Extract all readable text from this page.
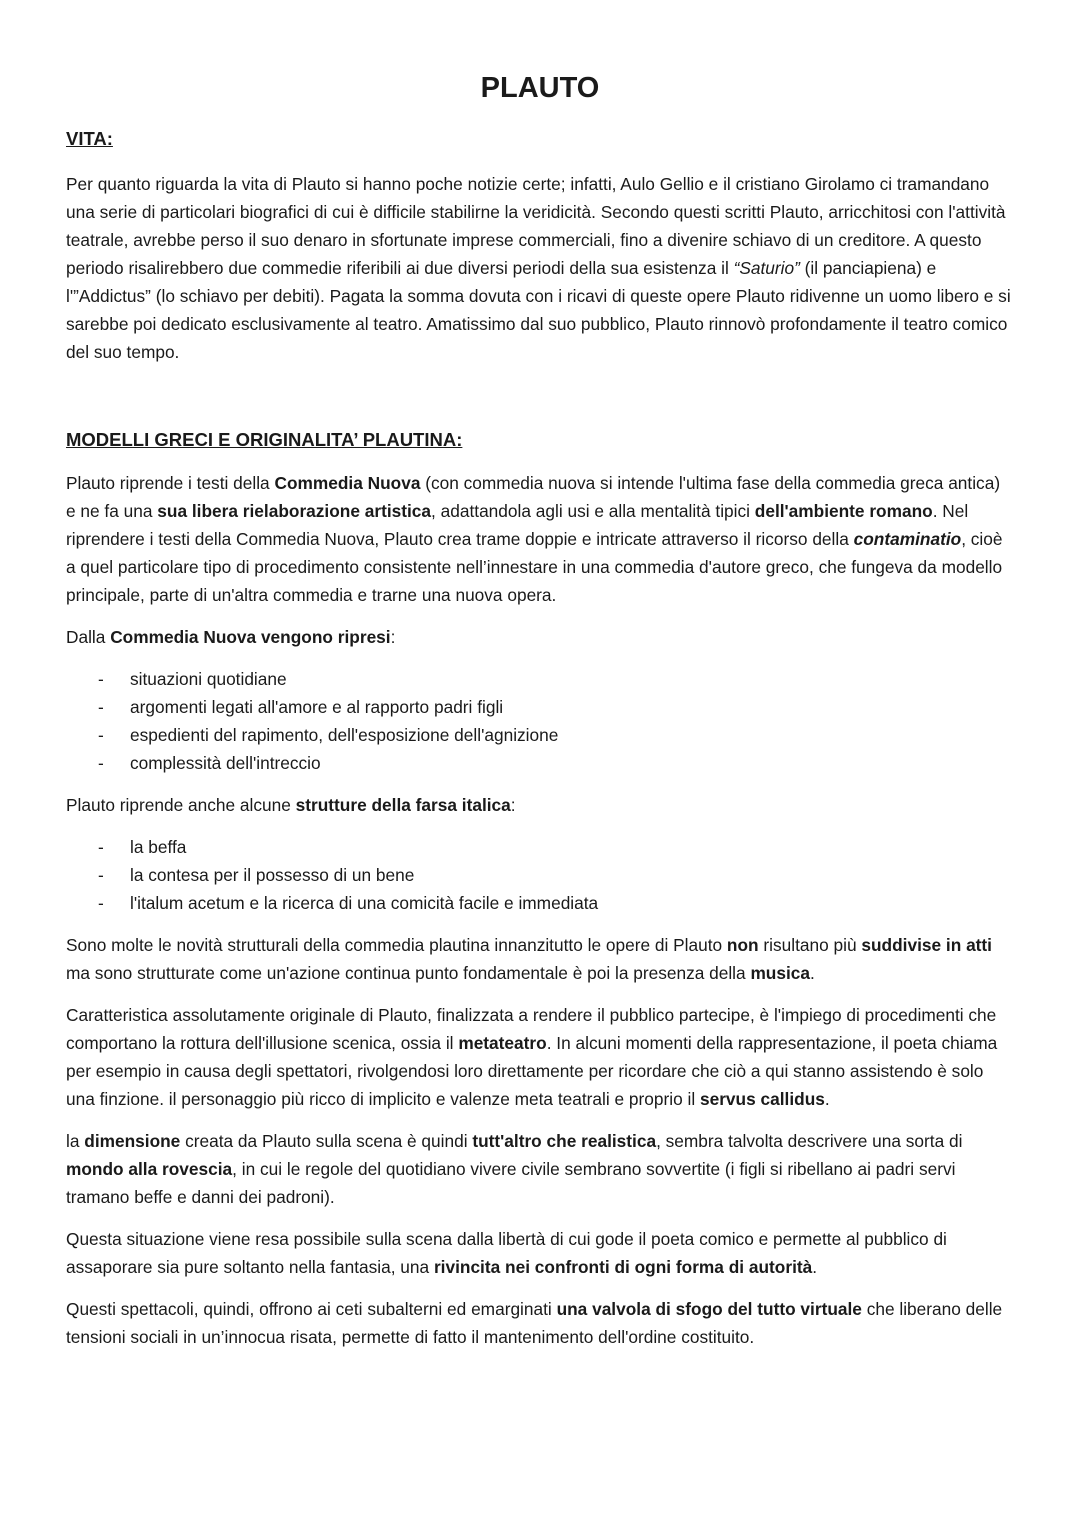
PLAUTO
VITA:

Per quanto riguarda la vita di Plauto si hanno poche notizie certe; infatti, Aulo Gellio e il cristiano Girolamo ci tramandano una serie di particolari biografici di cui è difficile stabilirne la veridicità. Secondo questi scritti Plauto, arricchitosi con l'attività teatrale, avrebbe perso il suo denaro in sfortunate imprese commerciali, fino a divenire schiavo di un creditore. A questo periodo risalirebbero due commedie riferibili ai due diversi periodi della sua esistenza il “Saturio” (il panciapiena) e l'”Addictus” (lo schiavo per debiti). Pagata la somma dovuta con i ricavi di queste opere Plauto ridivenne un uomo libero e si sarebbe poi dedicato esclusivamente al teatro. Amatissimo dal suo pubblico, Plauto rinnovò profondamente il teatro comico del suo tempo.

MODELLI GRECI E ORIGINALITA’ PLAUTINA:

Plauto riprende i testi della Commedia Nuova (con commedia nuova si intende l'ultima fase della commedia greca antica) e ne fa una sua libera rielaborazione artistica, adattandola agli usi e alla mentalità tipici dell'ambiente romano. Nel riprendere i testi della Commedia Nuova, Plauto crea trame doppie e intricate attraverso il ricorso della contaminatio, cioè a quel particolare tipo di procedimento consistente nell’innestare in una commedia d'autore greco, che fungeva da modello principale, parte di un'altra commedia e trarne una nuova opera.

Dalla Commedia Nuova vengono ripresi:

- situazioni quotidiane
- argomenti legati all'amore e al rapporto padri figli
- espedienti del rapimento, dell'esposizione dell'agnizione
- complessità dell'intreccio

Plauto riprende anche alcune strutture della farsa italica:

- la beffa
- la contesa per il possesso di un bene
- l'italum acetum e la ricerca di una comicità facile e immediata

Sono molte le novità strutturali della commedia plautina innanzitutto le opere di Plauto non risultano più suddivise in atti ma sono strutturate come un'azione continua punto fondamentale è poi la presenza della musica.

Caratteristica assolutamente originale di Plauto, finalizzata a rendere il pubblico partecipe, è l'impiego di procedimenti che comportano la rottura dell'illusione scenica, ossia il metateatro. In alcuni momenti della rappresentazione, il poeta chiama per esempio in causa degli spettatori, rivolgendosi loro direttamente per ricordare che ciò a qui stanno assistendo è solo una finzione. il personaggio più ricco di implicito e valenze meta teatrali e proprio il servus callidus.

la dimensione creata da Plauto sulla scena è quindi tutt'altro che realistica, sembra talvolta descrivere una sorta di mondo alla rovescia, in cui le regole del quotidiano vivere civile sembrano sovvertite (i figli si ribellano ai padri servi tramano beffe e danni dei padroni).

Questa situazione viene resa possibile sulla scena dalla libertà di cui gode il poeta comico e permette al pubblico di assaporare sia pure soltanto nella fantasia, una rivincita nei confronti di ogni forma di autorità.

Questi spettacoli, quindi, offrono ai ceti subalterni ed emarginati una valvola di sfogo del tutto virtuale che liberano delle tensioni sociali in un’innocua risata, permette di fatto il mantenimento dell'ordine costituito.
